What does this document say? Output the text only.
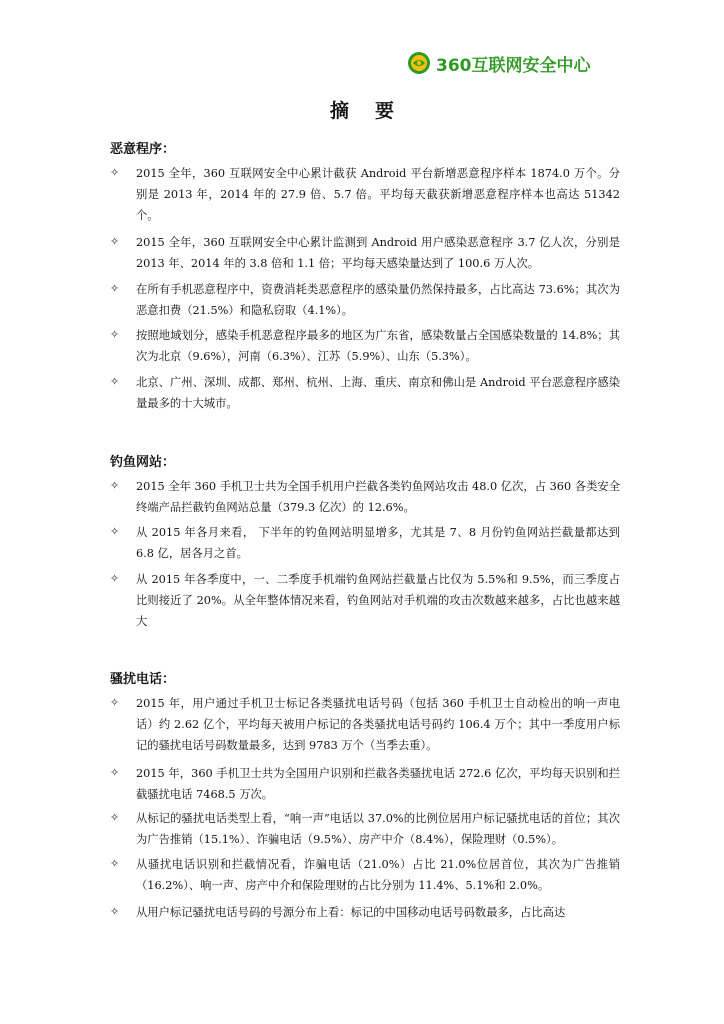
360互联网安全中心
摘要
恶意程序：
✧	2015 全年，360 互联网安全中心累计截获 Android 平台新增恶意程序样本 1874.0 万个。分别是 2013 年，2014 年的 27.9 倍、5.7 倍。平均每天截获新增恶意程序样本也高达 51342 个。
✧	2015 全年，360 互联网安全中心累计监测到 Android 用户感染恶意程序 3.7 亿人次，分别是 2013 年、2014 年的 3.8 倍和 1.1 倍；平均每天感染量达到了 100.6 万人次。
✧	在所有手机恶意程序中，资费消耗类恶意程序的感染量仍然保持最多，占比高达 73.6%；其次为恶意扣费（21.5%）和隐私窃取（4.1%）。
✧	按照地域划分，感染手机恶意程序最多的地区为广东省，感染数量占全国感染数量的 14.8%；其次为北京（9.6%），河南（6.3%）、江苏（5.9%）、山东（5.3%）。
✧	北京、广州、深圳、成都、郑州、杭州、上海、重庆、南京和佛山是 Android 平台恶意程序感染量最多的十大城市。
钓鱼网站：
✧	2015 全年 360 手机卫士共为全国手机用户拦截各类钓鱼网站攻击 48.0 亿次，占 360 各类安全终端产品拦截钓鱼网站总量（379.3 亿次）的 12.6%。
✧	从 2015 年各月来看， 下半年的钓鱼网站明显增多，尤其是 7、8 月份钓鱼网站拦截量都达到 6.8 亿，居各月之首。
✧	从 2015 年各季度中，一、二季度手机端钓鱼网站拦截量占比仅为 5.5%和 9.5%，而三季度占比则接近了 20%。从全年整体情况来看，钓鱼网站对手机端的攻击次数越来越多，占比也越来越大
骚扰电话：
✧	2015 年，用户通过手机卫士标记各类骚扰电话号码（包括 360 手机卫士自动检出的响一声电话）约 2.62 亿个，平均每天被用户标记的各类骚扰电话号码约 106.4 万个；其中一季度用户标记的骚扰电话号码数量最多，达到 9783 万个（当季去重）。
✧	2015 年，360 手机卫士共为全国用户识别和拦截各类骚扰电话 272.6 亿次，平均每天识别和拦截骚扰电话 7468.5 万次。
✧	从标记的骚扰电话类型上看，“响一声”电话以 37.0%的比例位居用户标记骚扰电话的首位；其次为广告推销（15.1%）、诈骗电话（9.5%）、房产中介（8.4%），保险理财（0.5%）。
✧	从骚扰电话识别和拦截情况看，诈骗电话（21.0%）占比 21.0%位居首位，其次为广告推销（16.2%）、响一声、房产中介和保险理财的占比分别为 11.4%、5.1%和 2.0%。
✧	从用户标记骚扰电话号码的号源分布上看：标记的中国移动电话号码数最多，占比高达
